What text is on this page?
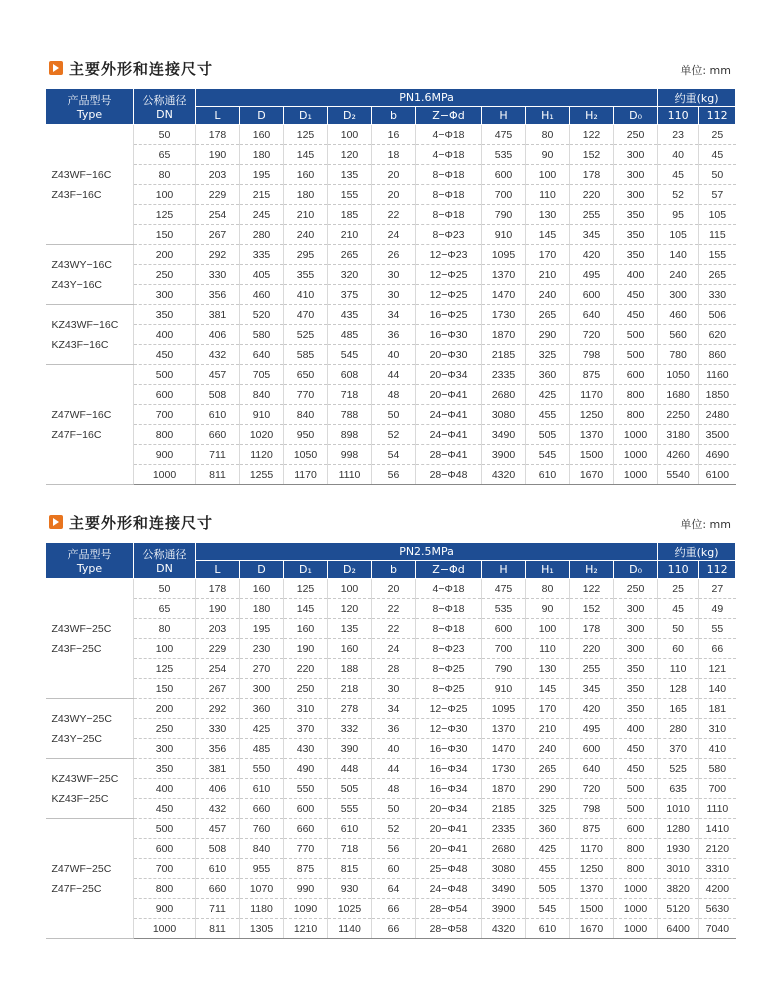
主要外形和连接尺寸	单位: mm
产品型号
Type	公称通径
DN	PN1.6MPa										约重(kg)	
		L	D	D₁	D₂	b	Z−Φd	H	H₁	H₂	D₀	110	112

Z43WF−16C
Z43F−16C	50	178	160	125	100	16	4−Φ18	475	80	122	250	23	25
	65	190	180	145	120	18	4−Φ18	535	90	152	300	40	45
	80	203	195	160	135	20	8−Φ18	600	100	178	300	45	50
	100	229	215	180	155	20	8−Φ18	700	110	220	300	52	57
	125	254	245	210	185	22	8−Φ18	790	130	255	350	95	105
	150	267	280	240	210	24	8−Φ23	910	145	345	350	105	115

Z43WY−16C
Z43Y−16C	200	292	335	295	265	26	12−Φ23	1095	170	420	350	140	155
	250	330	405	355	320	30	12−Φ25	1370	210	495	400	240	265
	300	356	460	410	375	30	12−Φ25	1470	240	600	450	300	330

KZ43WF−16C
KZ43F−16C	350	381	520	470	435	34	16−Φ25	1730	265	640	450	460	506
	400	406	580	525	485	36	16−Φ30	1870	290	720	500	560	620
	450	432	640	585	545	40	20−Φ30	2185	325	798	500	780	860

Z47WF−16C
Z47F−16C	500	457	705	650	608	44	20−Φ34	2335	360	875	600	1050	1160
	600	508	840	770	718	48	20−Φ41	2680	425	1170	800	1680	1850
	700	610	910	840	788	50	24−Φ41	3080	455	1250	800	2250	2480
	800	660	1020	950	898	52	24−Φ41	3490	505	1370	1000	3180	3500
	900	711	1120	1050	998	54	28−Φ41	3900	545	1500	1000	4260	4690
	1000	811	1255	1170	1110	56	28−Φ48	4320	610	1670	1000	5540	6100
主要外形和连接尺寸	单位: mm
产品型号
Type	公称通径
DN	PN2.5MPa										约重(kg)	
		L	D	D₁	D₂	b	Z−Φd	H	H₁	H₂	D₀	110	112

Z43WF−25C
Z43F−25C	50	178	160	125	100	20	4−Φ18	475	80	122	250	25	27
	65	190	180	145	120	22	8−Φ18	535	90	152	300	45	49
	80	203	195	160	135	22	8−Φ18	600	100	178	300	50	55
	100	229	230	190	160	24	8−Φ23	700	110	220	300	60	66
	125	254	270	220	188	28	8−Φ25	790	130	255	350	110	121
	150	267	300	250	218	30	8−Φ25	910	145	345	350	128	140

Z43WY−25C
Z43Y−25C	200	292	360	310	278	34	12−Φ25	1095	170	420	350	165	181
	250	330	425	370	332	36	12−Φ30	1370	210	495	400	280	310
	300	356	485	430	390	40	16−Φ30	1470	240	600	450	370	410

KZ43WF−25C
KZ43F−25C	350	381	550	490	448	44	16−Φ34	1730	265	640	450	525	580
	400	406	610	550	505	48	16−Φ34	1870	290	720	500	635	700
	450	432	660	600	555	50	20−Φ34	2185	325	798	500	1010	1110

Z47WF−25C
Z47F−25C	500	457	760	660	610	52	20−Φ41	2335	360	875	600	1280	1410
	600	508	840	770	718	56	20−Φ41	2680	425	1170	800	1930	2120
	700	610	955	875	815	60	25−Φ48	3080	455	1250	800	3010	3310
	800	660	1070	990	930	64	24−Φ48	3490	505	1370	1000	3820	4200
	900	711	1180	1090	1025	66	28−Φ54	3900	545	1500	1000	5120	5630
	1000	811	1305	1210	1140	66	28−Φ58	4320	610	1670	1000	6400	7040
